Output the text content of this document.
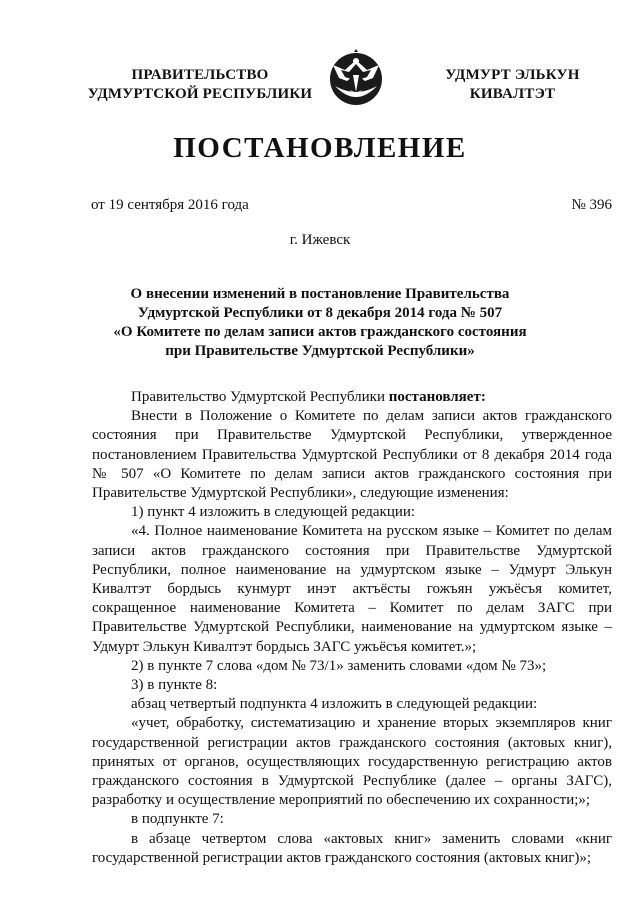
ПРАВИТЕЛЬСТВО
УДМУРТСКОЙ РЕСПУБЛИКИ
УДМУРТ ЭЛЬКУН
КИВАЛТЭТ
ПОСТАНОВЛЕНИЕ
от 19 сентября 2016 года	№ 396
г. Ижевск
О внесении изменений в постановление Правительства
Удмуртской Республики от 8 декабря 2014 года № 507
«О Комитете по делам записи актов гражданского состояния
при Правительстве Удмуртской Республики»

Правительство Удмуртской Республики постановляет:

Внести в Положение о Комитете по делам записи актов гражданского состояния при Правительстве Удмуртской Республики, утвержденное постановлением Правительства Удмуртской Республики от 8 декабря 2014 года № 507 «О Комитете по делам записи актов гражданского состояния при Правительстве Удмуртской Республики», следующие изменения:

1) пункт 4 изложить в следующей редакции:

«4. Полное наименование Комитета на русском языке – Комитет по делам записи актов гражданского состояния при Правительстве Удмуртской Республики, полное наименование на удмуртском языке – Удмурт Элькун Кивалтэт бордысь кунмурт инэт актъёсты гожъян ужъёсъя комитет, сокращенное наименование Комитета – Комитет по делам ЗАГС при Правительстве Удмуртской Республики, наименование на удмуртском языке – Удмурт Элькун Кивалтэт бордысь ЗАГС ужъёсъя комитет.»;

2) в пункте 7 слова «дом № 73/1» заменить словами «дом № 73»;

3) в пункте 8:

абзац четвертый подпункта 4 изложить в следующей редакции:

«учет, обработку, систематизацию и хранение вторых экземпляров книг государственной регистрации актов гражданского состояния (актовых книг), принятых от органов, осуществляющих государственную регистрацию актов гражданского состояния в Удмуртской Республике (далее – органы ЗАГС), разработку и осуществление мероприятий по обеспечению их сохранности;»;

в подпункте 7:

в абзаце четвертом слова «актовых книг» заменить словами «книг государственной регистрации актов гражданского состояния (актовых книг)»;
